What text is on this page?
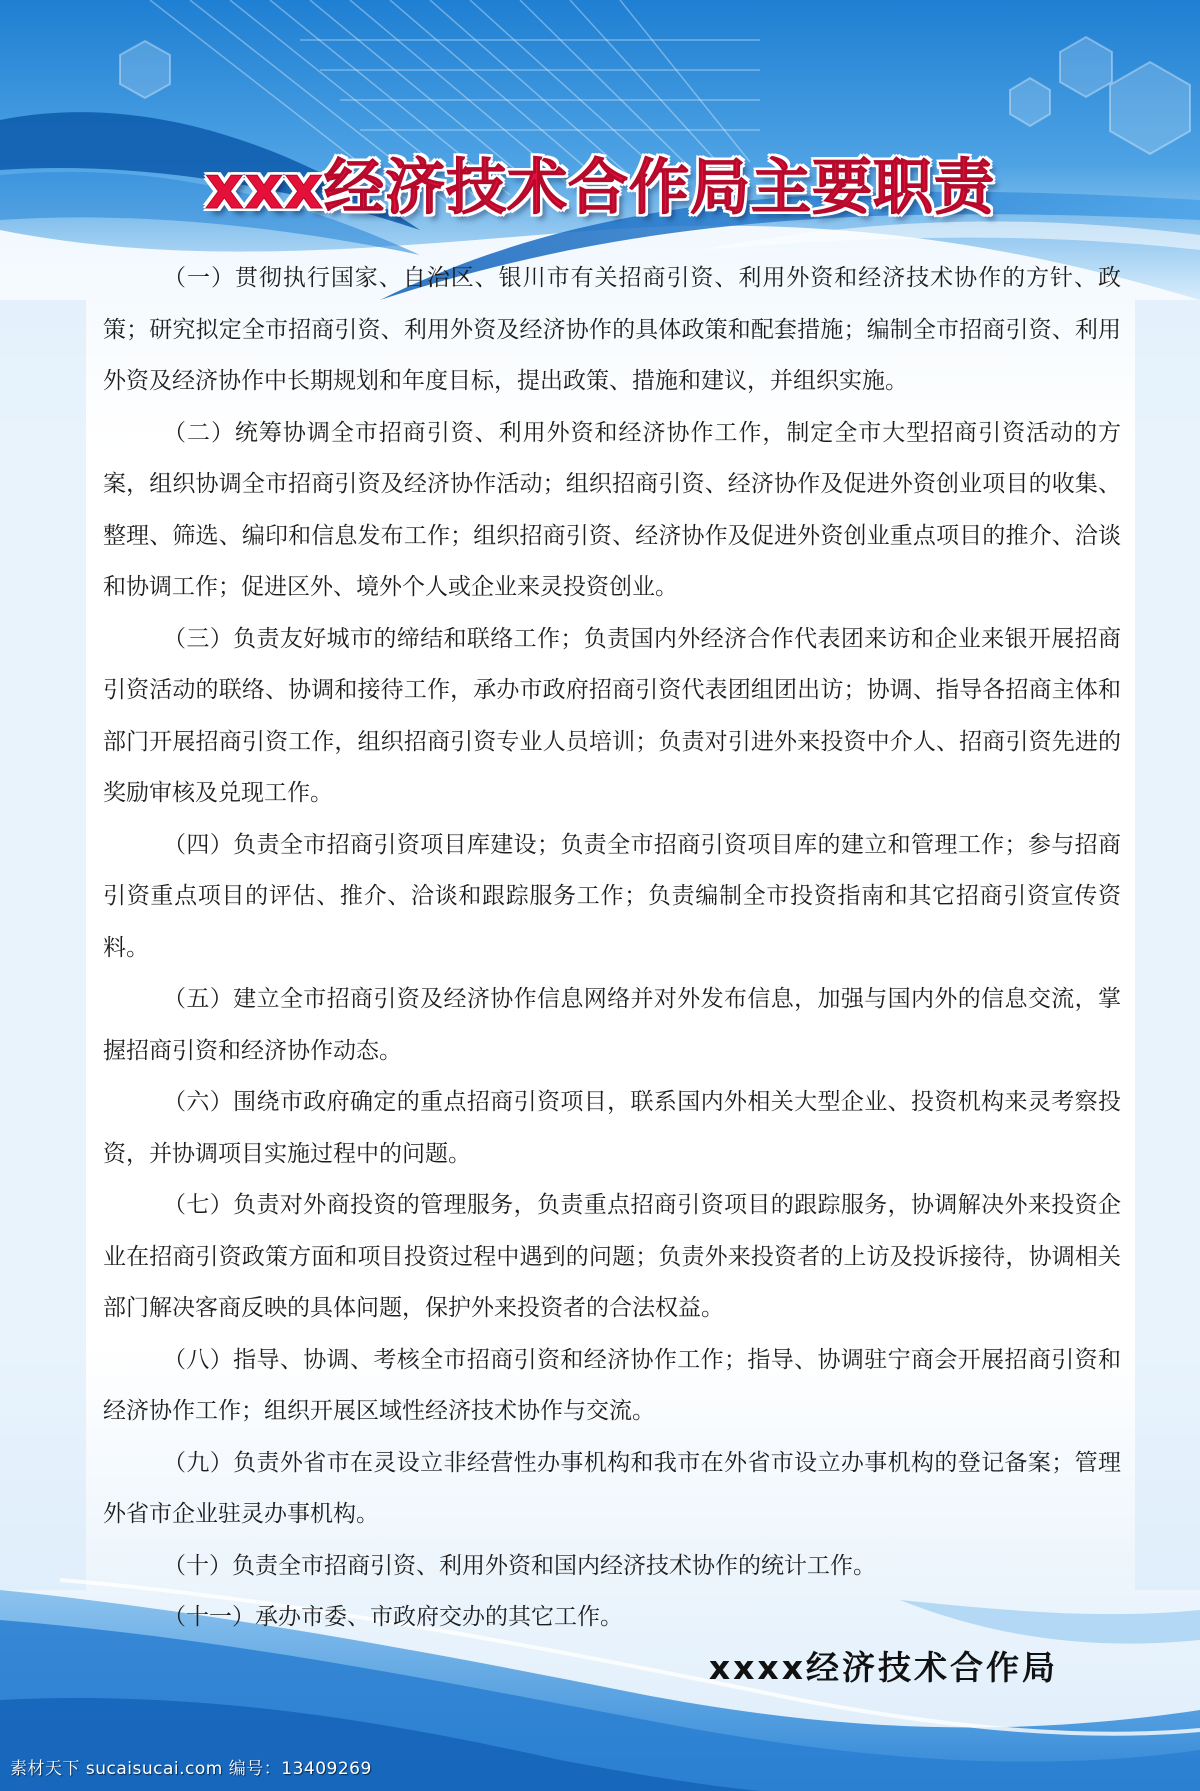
xxx经济技术合作局主要职责

（一）贯彻执行国家、自治区、银川市有关招商引资、利用外资和经济技术协作的方针、政策；研究拟定全市招商引资、利用外资及经济协作的具体政策和配套措施；编制全市招商引资、利用外资及经济协作中长期规划和年度目标，提出政策、措施和建议，并组织实施。

（二）统筹协调全市招商引资、利用外资和经济协作工作，制定全市大型招商引资活动的方案，组织协调全市招商引资及经济协作活动；组织招商引资、经济协作及促进外资创业项目的收集、整理、筛选、编印和信息发布工作；组织招商引资、经济协作及促进外资创业重点项目的推介、洽谈和协调工作；促进区外、境外个人或企业来灵投资创业。

（三）负责友好城市的缔结和联络工作；负责国内外经济合作代表团来访和企业来银开展招商引资活动的联络、协调和接待工作，承办市政府招商引资代表团组团出访；协调、指导各招商主体和部门开展招商引资工作，组织招商引资专业人员培训；负责对引进外来投资中介人、招商引资先进的奖励审核及兑现工作。

（四）负责全市招商引资项目库建设；负责全市招商引资项目库的建立和管理工作；参与招商引资重点项目的评估、推介、洽谈和跟踪服务工作；负责编制全市投资指南和其它招商引资宣传资料。

（五）建立全市招商引资及经济协作信息网络并对外发布信息，加强与国内外的信息交流，掌握招商引资和经济协作动态。

（六）围绕市政府确定的重点招商引资项目，联系国内外相关大型企业、投资机构来灵考察投资，并协调项目实施过程中的问题。

（七）负责对外商投资的管理服务，负责重点招商引资项目的跟踪服务，协调解决外来投资企业在招商引资政策方面和项目投资过程中遇到的问题；负责外来投资者的上访及投诉接待，协调相关部门解决客商反映的具体问题，保护外来投资者的合法权益。

（八）指导、协调、考核全市招商引资和经济协作工作；指导、协调驻宁商会开展招商引资和经济协作工作；组织开展区域性经济技术协作与交流。

（九）负责外省市在灵设立非经营性办事机构和我市在外省市设立办事机构的登记备案；管理外省市企业驻灵办事机构。

（十）负责全市招商引资、利用外资和国内经济技术协作的统计工作。

（十一）承办市委、市政府交办的其它工作。

xxxx经济技术合作局
素材天下 sucaisucai.com 编号：13409269
